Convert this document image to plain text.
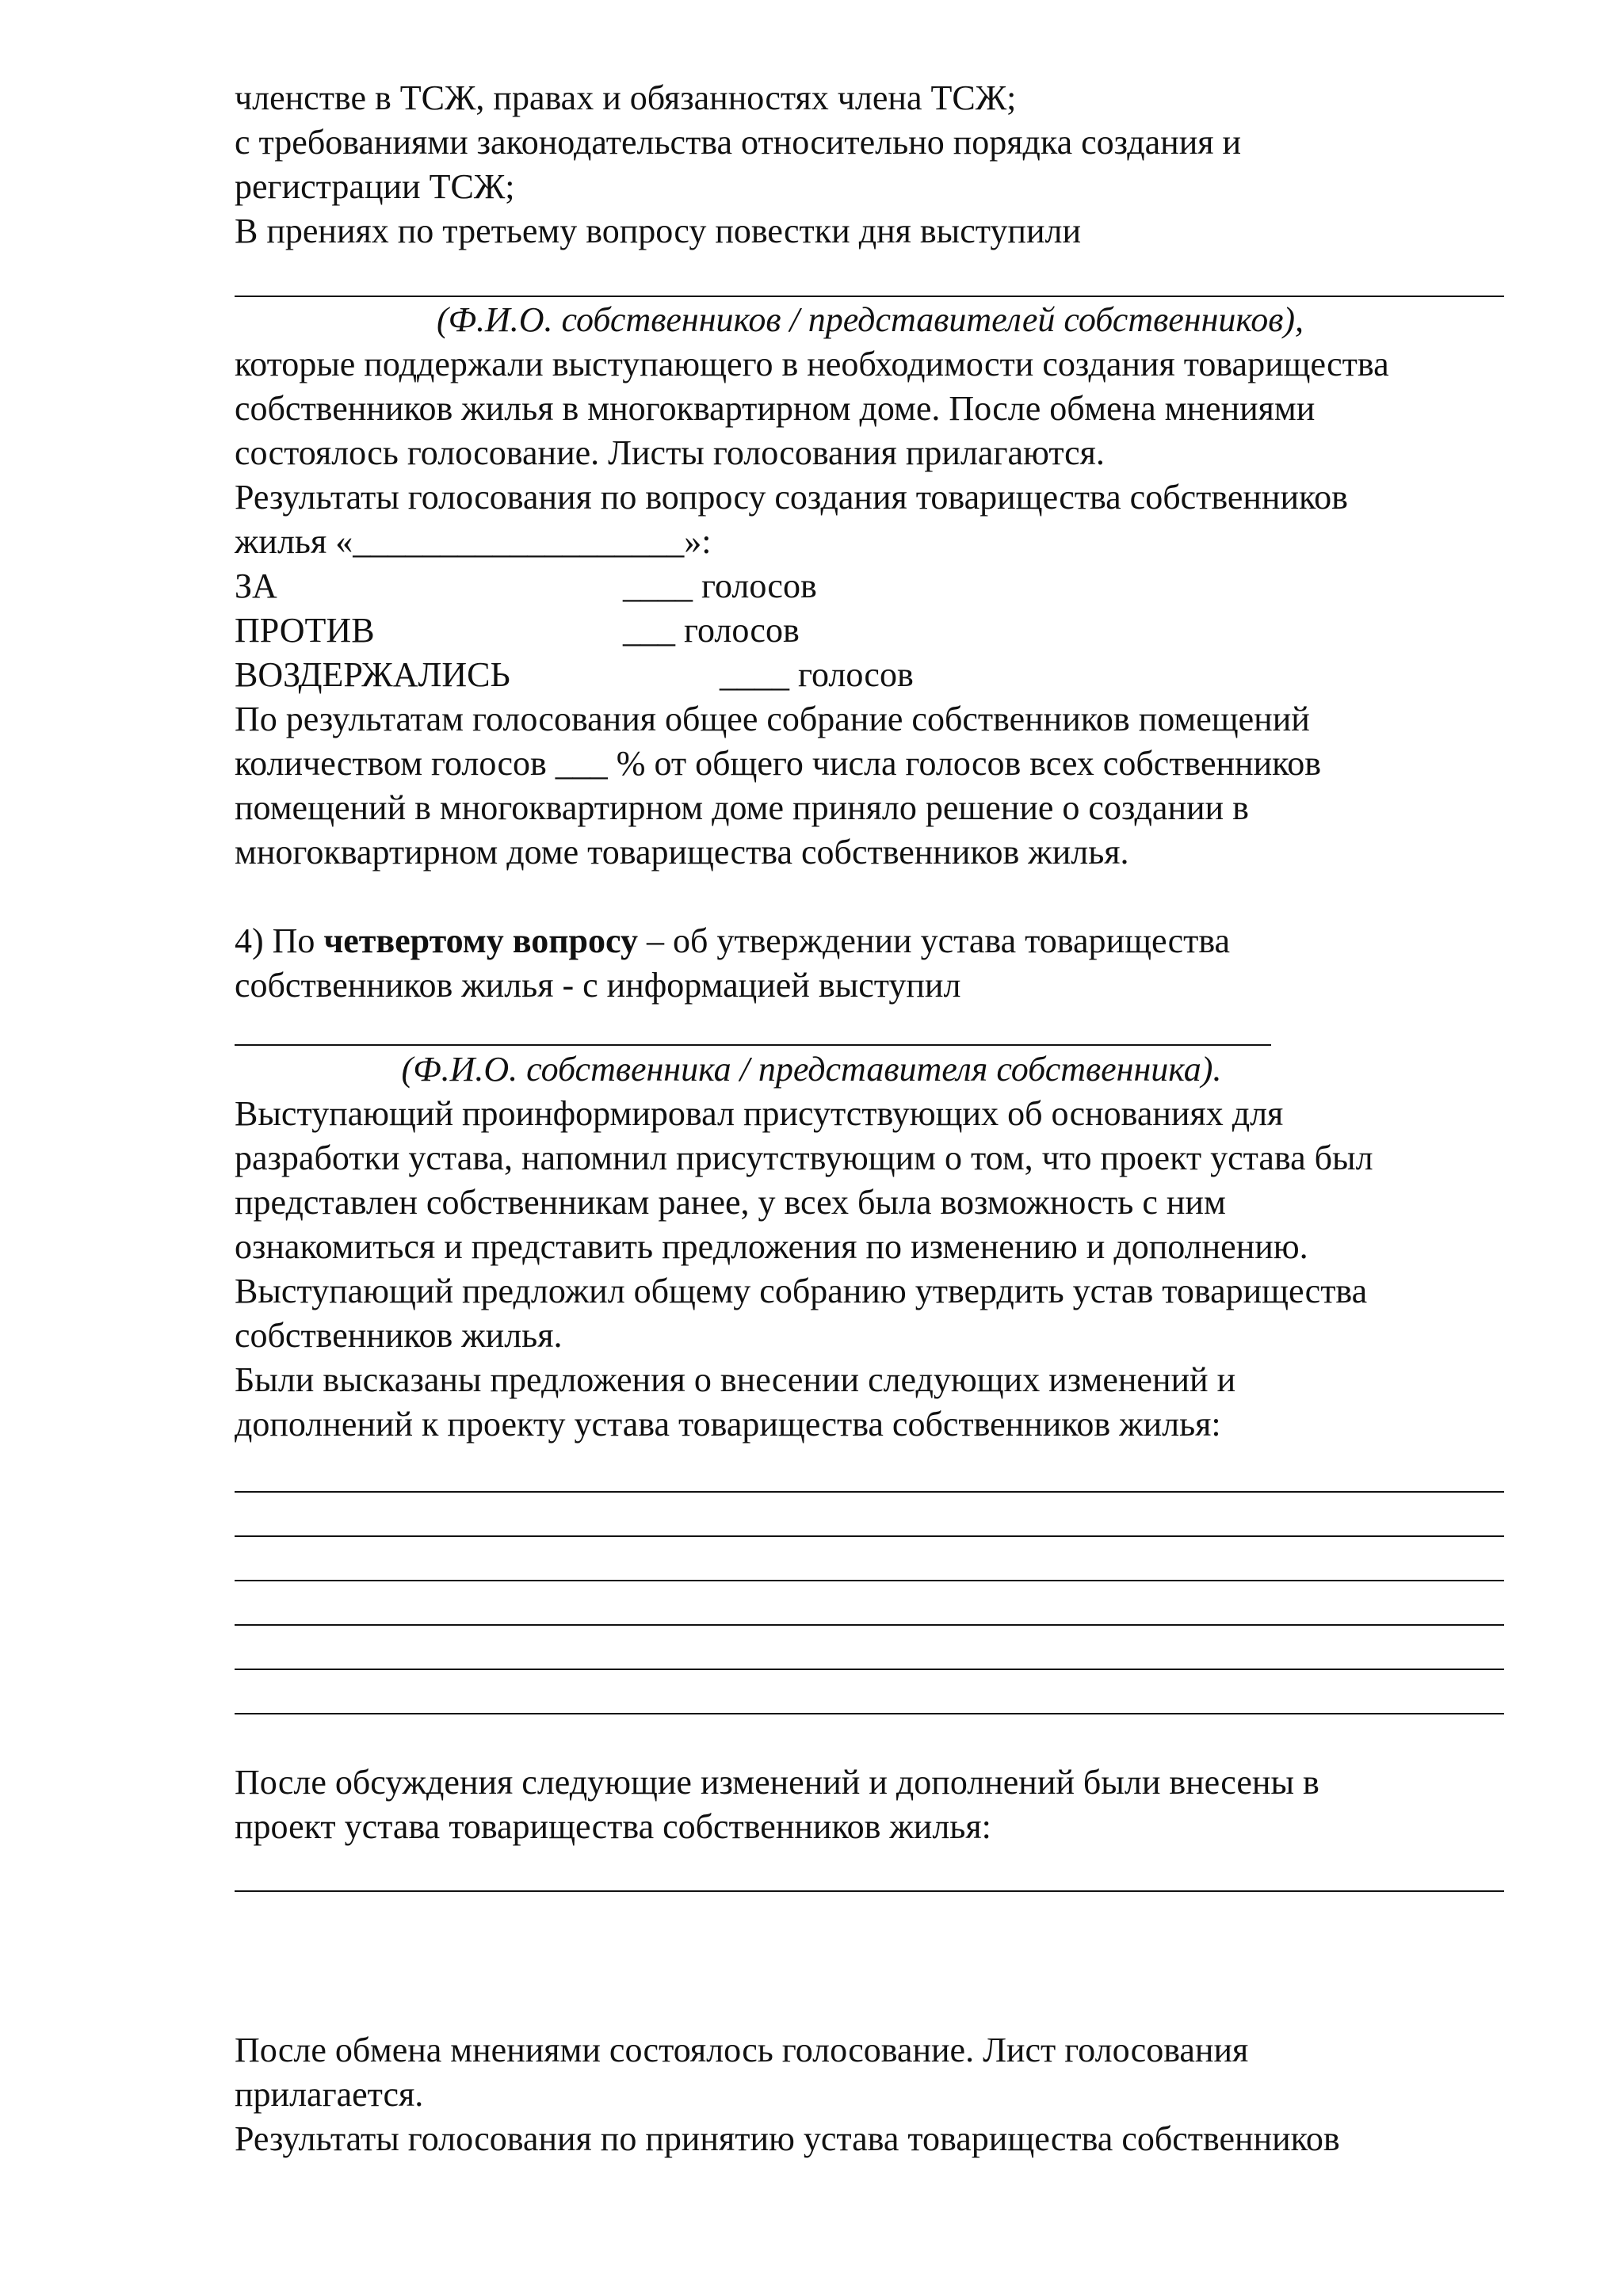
членстве в ТСЖ, правах и обязанностях члена ТСЖ;
с требованиями законодательства относительно порядка создания и
регистрации ТСЖ;
В прениях по третьему вопросу повестки дня выступили
(Ф.И.О. собственников / представителей собственников),
которые поддержали выступающего в необходимости создания товарищества
собственников жилья в многоквартирном доме. После обмена мнениями
состоялось голосование. Листы голосования прилагаются.
Результаты голосования по вопросу создания товарищества собственников
жилья «___________________»:
ЗА	____ голосов
ПРОТИВ	___ голосов
ВОЗДЕРЖАЛИСЬ	____ голосов
По результатам голосования общее собрание собственников помещений
количеством голосов ___ % от общего числа голосов всех собственников
помещений в многоквартирном доме приняло решение о создании в
многоквартирном доме товарищества собственников жилья.
4) По четвертому вопросу – об утверждении устава товарищества
собственников жилья - с информацией выступил
(Ф.И.О. собственника / представителя собственника).
Выступающий проинформировал присутствующих об основаниях для
разработки устава, напомнил присутствующим о том, что проект устава был
представлен собственникам ранее, у всех была возможность с ним
ознакомиться и представить предложения по изменению и дополнению.
Выступающий предложил общему собранию утвердить устав товарищества
собственников жилья.
Были высказаны предложения о внесении следующих изменений и
дополнений к проекту устава товарищества собственников жилья:
После обсуждения следующие изменений и дополнений были внесены в
проект устава товарищества собственников жилья:
После обмена мнениями состоялось голосование. Лист голосования
прилагается.
Результаты голосования по принятию устава товарищества собственников
